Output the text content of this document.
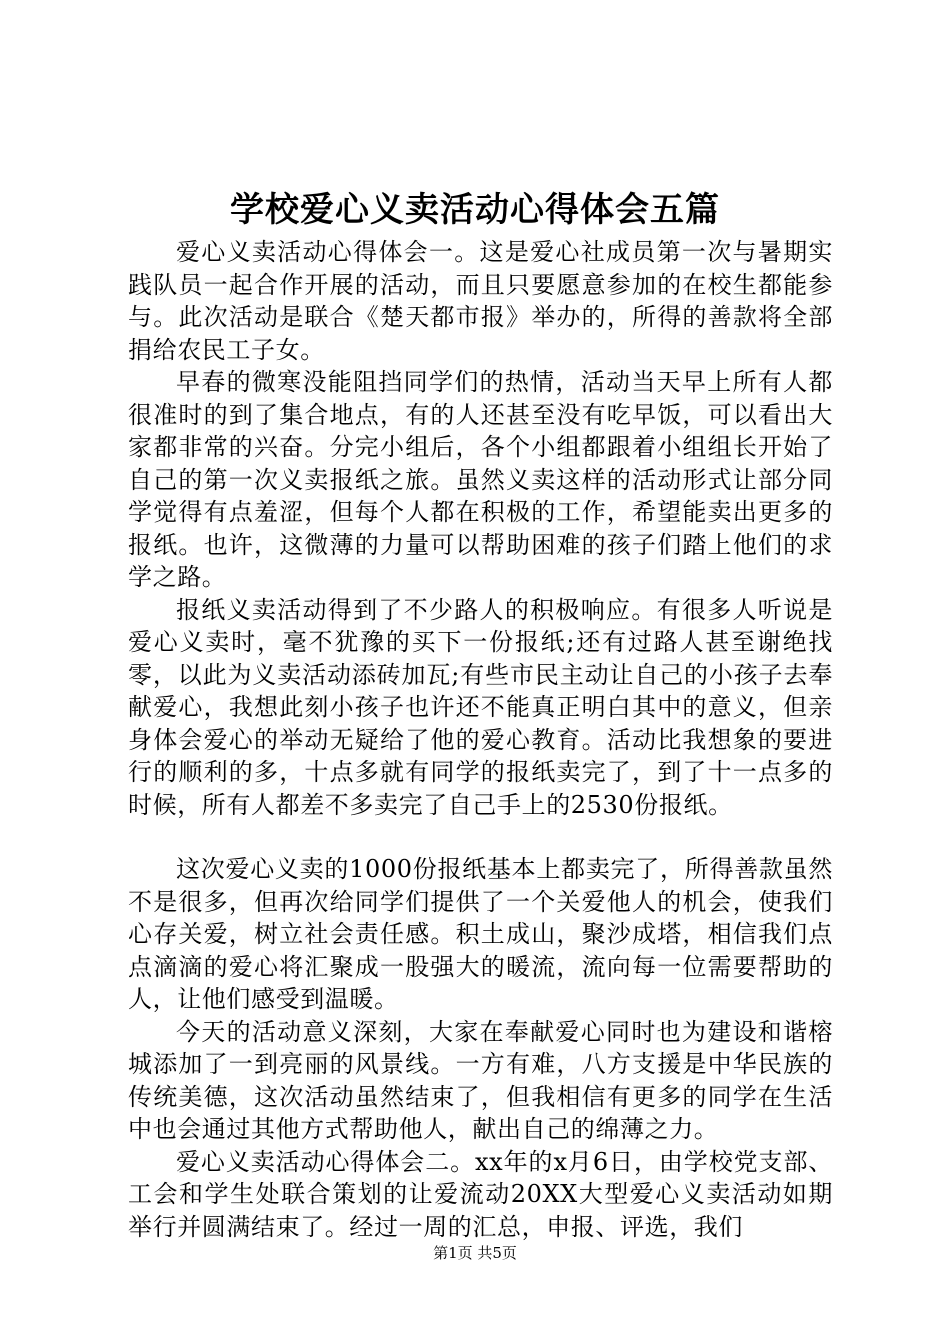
学校爱心义卖活动心得体会五篇

爱心义卖活动心得体会一。这是爱心社成员第一次与暑期实践队员一起合作开展的活动，而且只要愿意参加的在校生都能参与。此次活动是联合《楚天都市报》举办的，所得的善款将全部捐给农民工子女。

早春的微寒没能阻挡同学们的热情，活动当天早上所有人都很准时的到了集合地点，有的人还甚至没有吃早饭，可以看出大家都非常的兴奋。分完小组后，各个小组都跟着小组组长开始了自己的第一次义卖报纸之旅。虽然义卖这样的活动形式让部分同学觉得有点羞涩，但每个人都在积极的工作，希望能卖出更多的报纸。也许，这微薄的力量可以帮助困难的孩子们踏上他们的求学之路。

报纸义卖活动得到了不少路人的积极响应。有很多人听说是爱心义卖时，毫不犹豫的买下一份报纸;还有过路人甚至谢绝找零，以此为义卖活动添砖加瓦;有些市民主动让自己的小孩子去奉献爱心，我想此刻小孩子也许还不能真正明白其中的意义，但亲身体会爱心的举动无疑给了他的爱心教育。活动比我想象的要进行的顺利的多，十点多就有同学的报纸卖完了，到了十一点多的时候，所有人都差不多卖完了自己手上的2530份报纸。

这次爱心义卖的1000份报纸基本上都卖完了，所得善款虽然不是很多，但再次给同学们提供了一个关爱他人的机会，使我们心存关爱，树立社会责任感。积土成山，聚沙成塔，相信我们点点滴滴的爱心将汇聚成一股强大的暖流，流向每一位需要帮助的人，让他们感受到温暖。

今天的活动意义深刻，大家在奉献爱心同时也为建设和谐榕城添加了一到亮丽的风景线。一方有难，八方支援是中华民族的传统美德，这次活动虽然结束了，但我相信有更多的同学在生活中也会通过其他方式帮助他人，献出自己的绵薄之力。

爱心义卖活动心得体会二。xx年的x月6日，由学校党支部、工会和学生处联合策划的让爱流动20XX大型爱心义卖活动如期举行并圆满结束了。经过一周的汇总，申报、评选，我们

第1页 共5页
